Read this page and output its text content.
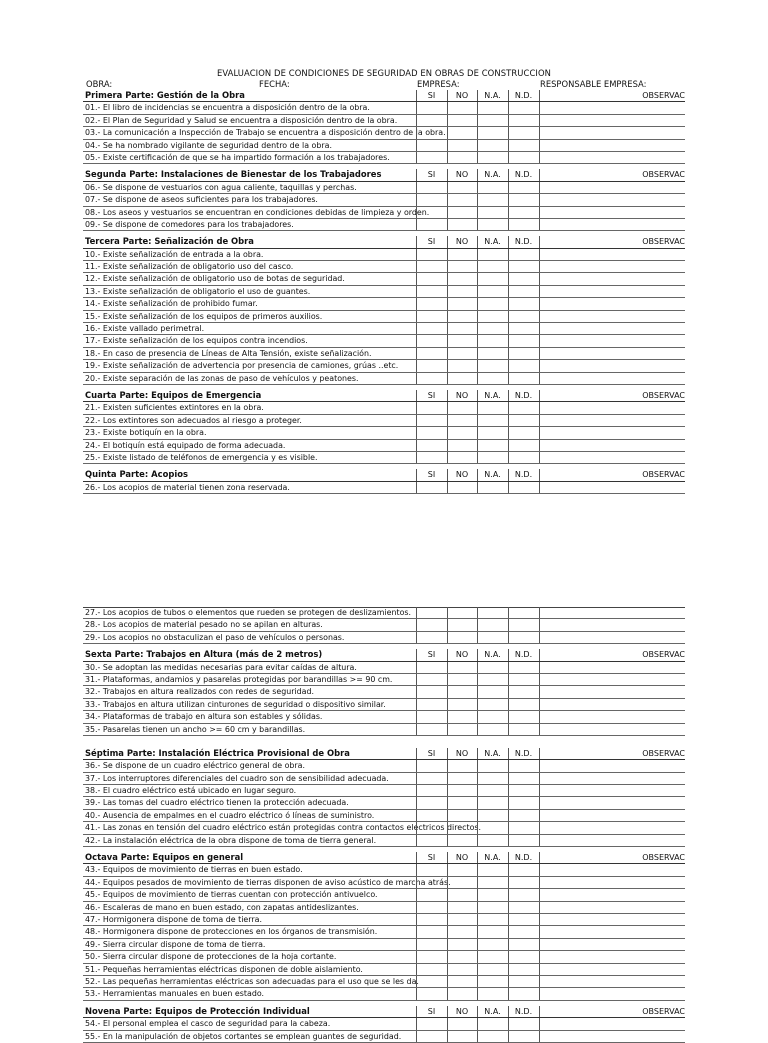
EVALUACION DE CONDICIONES DE SEGURIDAD EN OBRAS DE CONSTRUCCION
OBRA:	FECHA:	EMPRESA:	RESPONSABLE EMPRESA:
Primera Parte: Gestión de la Obra	SI	NO	N.A.	N.D.	OBSERVAC
01.- El libro de incidencias se encuentra a disposición dentro de la obra.
02.- El Plan de Seguridad y Salud se encuentra a disposición dentro de la obra.
03.- La comunicación a Inspección de Trabajo se encuentra a disposición dentro de la obra.
04.- Se ha nombrado vigilante de seguridad dentro de la obra.
05.- Existe certificación de que se ha impartido formación a los trabajadores.
Segunda Parte: Instalaciones de Bienestar de los Trabajadores	SI	NO	N.A.	N.D.	OBSERVAC
06.- Se dispone de vestuarios con agua caliente, taquillas y perchas.
07.- Se dispone de aseos suficientes para los trabajadores.
08.- Los aseos y vestuarios se encuentran en condiciones debidas de limpieza y orden.
09.- Se dispone de comedores para los trabajadores.
Tercera Parte: Señalización de Obra	SI	NO	N.A.	N.D.	OBSERVAC
10.- Existe señalización de entrada a la obra.
11.- Existe señalización de obligatorio uso del casco.
12.- Existe señalización de obligatorio uso de botas de seguridad.
13.- Existe señalización de obligatorio el uso de guantes.
14.- Existe señalización de prohibido fumar.
15.- Existe señalización de los equipos de primeros auxilios.
16.- Existe vallado perimetral.
17.- Existe señalización de los equipos contra incendios.
18.- En caso de presencia de Líneas de Alta Tensión, existe señalización.
19.- Existe señalización de advertencia por presencia de camiones, grúas ..etc.
20.- Existe separación de las zonas de paso de vehículos y peatones.
Cuarta Parte: Equipos de Emergencia	SI	NO	N.A.	N.D.	OBSERVAC
21.- Existen suficientes extintores en la obra.
22.- Los extintores son adecuados al riesgo a proteger.
23.- Existe botiquín en la obra.
24.- El botiquín está equipado de forma adecuada.
25.- Existe listado de teléfonos de emergencia y es visible.
Quinta Parte: Acopios	SI	NO	N.A.	N.D.	OBSERVAC
26.- Los acopios de material tienen zona reservada.
27.- Los acopios de tubos o elementos que rueden se protegen de deslizamientos.
28.- Los acopios de material pesado no se apilan en alturas.
29.- Los acopios no obstaculizan el paso de vehículos o personas.
Sexta Parte: Trabajos en Altura (más de 2 metros)	SI	NO	N.A.	N.D.	OBSERVAC
30.- Se adoptan las medidas necesarias para evitar caídas de altura.
31.- Plataformas, andamios y pasarelas protegidas por barandillas >= 90 cm.
32.- Trabajos en altura realizados con redes de seguridad.
33.- Trabajos en altura utilizan cinturones de seguridad o dispositivo similar.
34.- Plataformas de trabajo en altura son estables y sólidas.
35.- Pasarelas tienen un ancho >= 60 cm y barandillas.
Séptima Parte: Instalación Eléctrica Provisional de Obra	SI	NO	N.A.	N.D.	OBSERVAC
36.- Se dispone de un cuadro eléctrico general de obra.
37.- Los interruptores diferenciales del cuadro son de sensibilidad adecuada.
38.- El cuadro eléctrico está ubicado en lugar seguro.
39.- Las tomas del cuadro eléctrico tienen la protección adecuada.
40.- Ausencia de empalmes en el cuadro eléctrico ó líneas de suministro.
41.- Las zonas en tensión del cuadro eléctrico están protegidas contra contactos electricos directos.
42.- La instalación eléctrica de la obra dispone de toma de tierra general.
Octava Parte: Equipos en general	SI	NO	N.A.	N.D.	OBSERVAC
43.- Equipos de movimiento de tierras en buen estado.
44.- Equipos pesados de movimiento de tierras disponen de aviso acústico de marcha atrás.
45.- Equipos de movimiento de tierras cuentan con protección antivuelco.
46.- Escaleras de mano en buen estado, con zapatas antideslizantes.
47.- Hormigonera dispone de toma de tierra.
48.- Hormigonera dispone de protecciones en los órganos de transmisión.
49.- Sierra circular dispone de toma de tierra.
50.- Sierra circular dispone de protecciones de la hoja cortante.
51.- Pequeñas herramientas eléctricas disponen de doble aislamiento.
52.- Las pequeñas herramientas eléctricas son adecuadas para el uso que se les da.
53.- Herramientas manuales en buen estado.
Novena Parte: Equipos de Protección Individual	SI	NO	N.A.	N.D.	OBSERVAC
54.- El personal emplea el casco de seguridad para la cabeza.
55.- En la manipulación de objetos cortantes se emplean guantes de seguridad.
